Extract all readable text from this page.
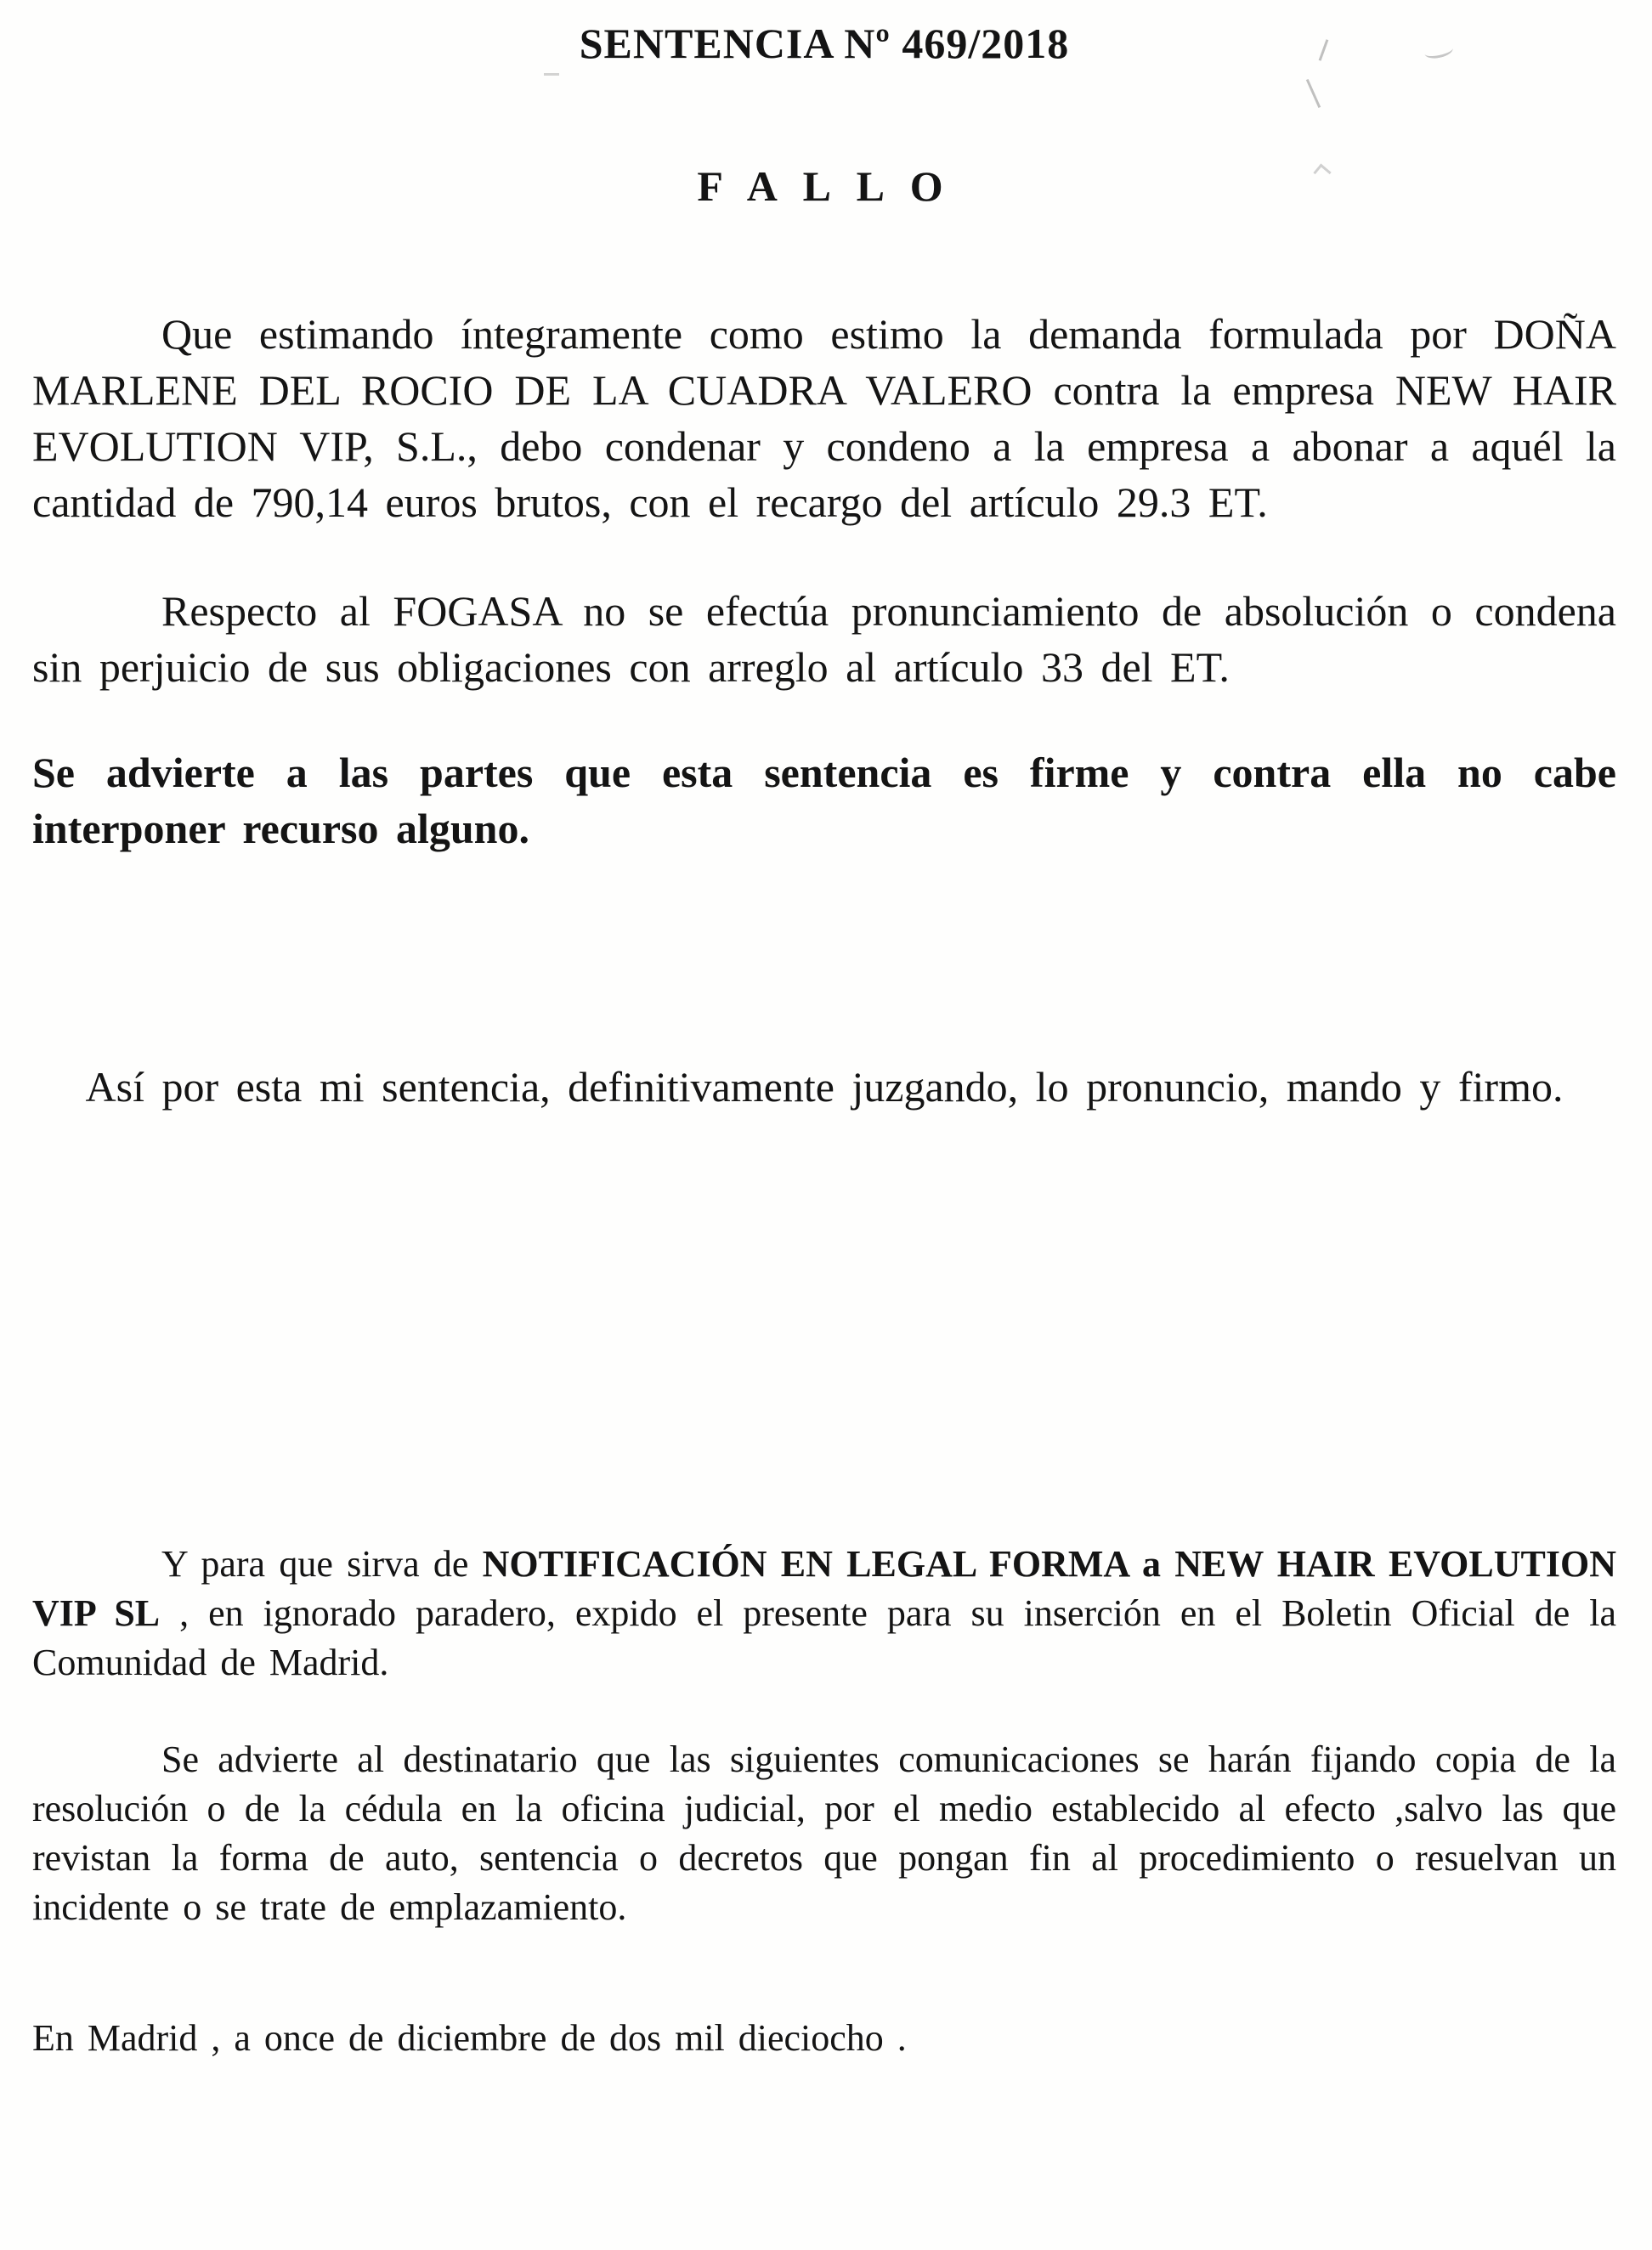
SENTENCIA Nº 469/2018
F A L L O

Que estimando íntegramente como estimo la demanda formulada por DOÑA MARLENE DEL ROCIO DE LA CUADRA VALERO contra la empresa NEW HAIR EVOLUTION VIP, S.L., debo condenar y condeno a la empresa a abonar a aquél la cantidad de 790,14 euros brutos, con el recargo del artículo 29.3 ET.

Respecto al FOGASA no se efectúa pronunciamiento de absolución o condena sin perjuicio de sus obligaciones con arreglo al artículo 33 del ET.

Se advierte a las partes que esta sentencia es firme y contra ella no cabe interponer recurso alguno.

Así por esta mi sentencia, definitivamente juzgando, lo pronuncio, mando y firmo.

Y para que sirva de NOTIFICACIÓN EN LEGAL FORMA a NEW HAIR EVOLUTION VIP SL , en ignorado paradero, expido el presente para su inserción en el Boletin Oficial de la Comunidad de Madrid.

Se advierte al destinatario que las siguientes comunicaciones se harán fijando copia de la resolución o de la cédula en la oficina judicial, por el medio establecido al efecto ,salvo las que revistan la forma de auto, sentencia o decretos que pongan fin al procedimiento o resuelvan un incidente o se trate de emplazamiento.

En Madrid , a once de diciembre de dos mil dieciocho .
